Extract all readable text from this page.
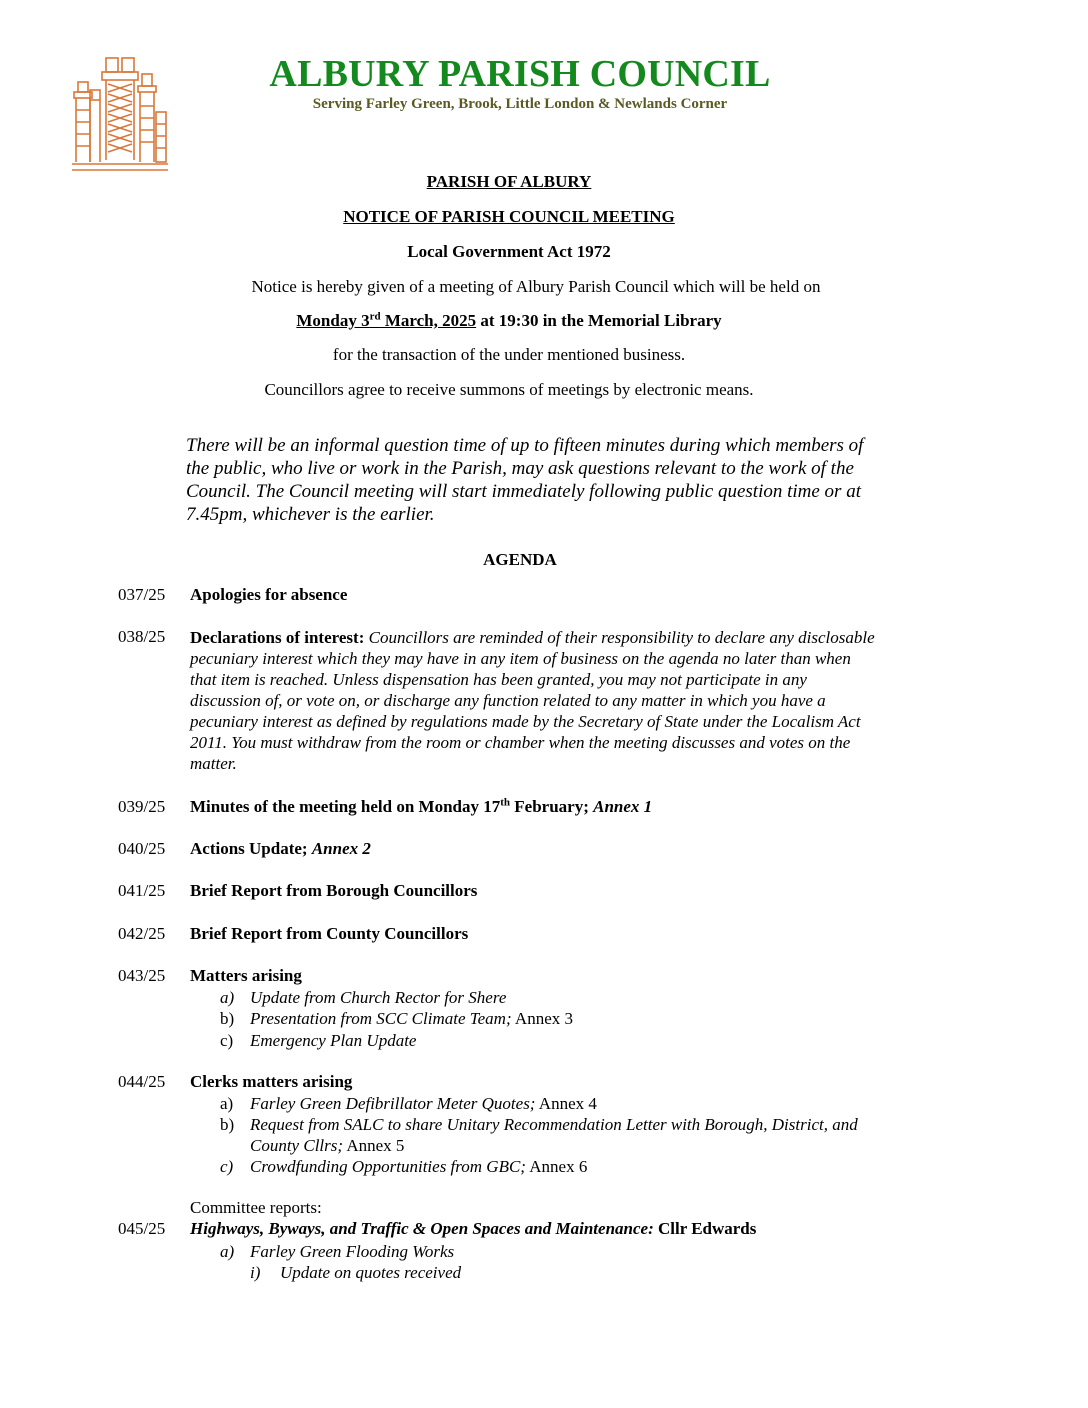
ALBURY PARISH COUNCIL
Serving Farley Green, Brook, Little London & Newlands Corner
PARISH OF ALBURY
NOTICE OF PARISH COUNCIL MEETING
Local Government Act 1972
Notice is hereby given of a meeting of Albury Parish Council which will be held on
Monday 3rd March, 2025 at 19:30 in the Memorial Library
for the transaction of the under mentioned business.
Councillors agree to receive summons of meetings by electronic means.
There will be an informal question time of up to fifteen minutes during which members of the public, who live or work in the Parish, may ask questions relevant to the work of the Council. The Council meeting will start immediately following public question time or at 7.45pm, whichever is the earlier.
AGENDA
037/25 Apologies for absence
038/25 Declarations of interest: Councillors are reminded of their responsibility to declare any disclosable pecuniary interest which they may have in any item of business on the agenda no later than when that item is reached. Unless dispensation has been granted, you may not participate in any discussion of, or vote on, or discharge any function related to any matter in which you have a pecuniary interest as defined by regulations made by the Secretary of State under the Localism Act 2011. You must withdraw from the room or chamber when the meeting discusses and votes on the matter.
039/25 Minutes of the meeting held on Monday 17th February; Annex 1
040/25 Actions Update; Annex 2
041/25 Brief Report from Borough Councillors
042/25 Brief Report from County Councillors
043/25 Matters arising
a) Update from Church Rector for Shere
b) Presentation from SCC Climate Team; Annex 3
c) Emergency Plan Update
044/25 Clerks matters arising
a) Farley Green Defibrillator Meter Quotes; Annex 4
b) Request from SALC to share Unitary Recommendation Letter with Borough, District, and County Cllrs; Annex 5
c) Crowdfunding Opportunities from GBC; Annex 6
Committee reports:
045/25 Highways, Byways, and Traffic & Open Spaces and Maintenance: Cllr Edwards
a) Farley Green Flooding Works
i) Update on quotes received
